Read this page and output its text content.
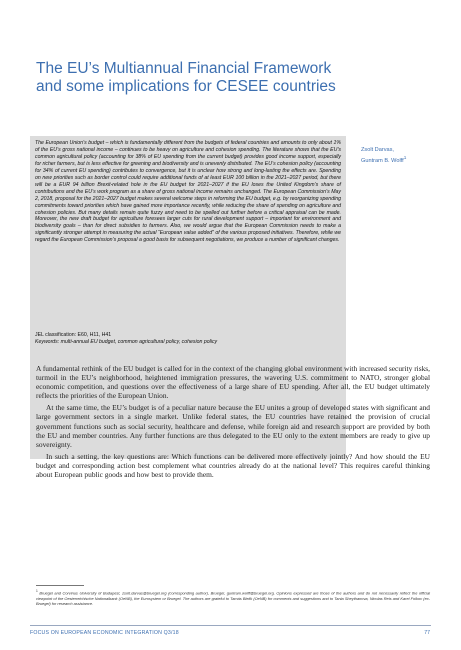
The EU’s Multiannual Financial Framework
and some implications for CESEE countries

The European Union’s budget – which is fundamentally different from the budgets of federal countries and amounts to only about 1% of the EU’s gross national income – continues to be heavy on agriculture and cohesion spending. The literature shows that the EU’s common agricultural policy (accounting for 38% of EU spending from the current budget) provides good income support, especially for richer farmers, but is less effective for greening and biodiversity and is unevenly distributed. The EU’s cohesion policy (accounting for 34% of current EU spending) contributes to convergence, but it is unclear how strong and long-lasting the effects are. Spending on new priorities such as border control could require additional funds of at least EUR 100 billion in the 2021–2027 period, but there will be a EUR 94 billion Brexit-related hole in the EU budget for 2021–2027 if the EU loses the United Kingdom’s share of contributions and the EU’s work program as a share of gross national income remains unchanged. The European Commission’s May 2, 2018, proposal for the 2021–2027 budget makes several welcome steps in reforming the EU budget, e.g. by reorganizing spending commitments toward priorities which have gained more importance recently, while reducing the share of spending on agriculture and cohesion policies. But many details remain quite fuzzy and need to be spelled out further before a critical appraisal can be made. Moreover, the new draft budget for agriculture foresees larger cuts for rural development support – important for environment and biodiversity goals – than for direct subsidies to farmers. Also, we would argue that the European Commission needs to make a significantly stronger attempt in measuring the actual “European value added” of the various proposed initiatives. Therefore, while we regard the European Commission’s proposal a good basis for subsequent negotiations, we produce a number of significant changes.

Zsolt Darvas,
Guntram B. Wolff$^1$
JEL classification: E60, H11, H41
Keywords: multi-annual EU budget, common agricultural policy, cohesion policy

A fundamental rethink of the EU budget is called for in the context of the changing global environment with increased security risks, turmoil in the EU’s neighborhood, heightened immigration pressures, the wavering U.S. commitment to NATO, stronger global economic competition, and questions over the effectiveness of a large share of EU spending. After all, the EU budget ultimately reflects the priorities of the European Union.

At the same time, the EU’s budget is of a peculiar nature because the EU unites a group of developed states with significant and large government sectors in a single market. Unlike federal states, the EU countries have retained the provision of crucial government functions such as social security, healthcare and defense, while foreign aid and research support are provided by both the EU and member countries. Any further functions are thus delegated to the EU only to the extent members are ready to give up sovereignty.

In such a setting, the key questions are: Which functions can be delivered more effectively jointly? And how should the EU budget and corresponding action best complement what countries already do at the national level? This requires careful thinking about European public goods and how best to provide them.

$^1$ Bruegel and Corvinus University of Budapest, zsolt.darvas@bruegel.org (corresponding author), Bruegel, guntram.wolff@bruegel.org. Opinions expressed are those of the authors and do not necessarily reflect the official viewpoint of the Oesterreichische Nationalbank (OeNB), the Eurosystem or Bruegel. The authors are grateful to Tamás Bielik (OeNB) for comments and suggestions and to Tania Sheythanova, Nicolas Reis and Karel Folkov (ex-Bruegel) for research assistance.
FOCUS ON EUROPEAN ECONOMIC INTEGRATION Q3/18	77
